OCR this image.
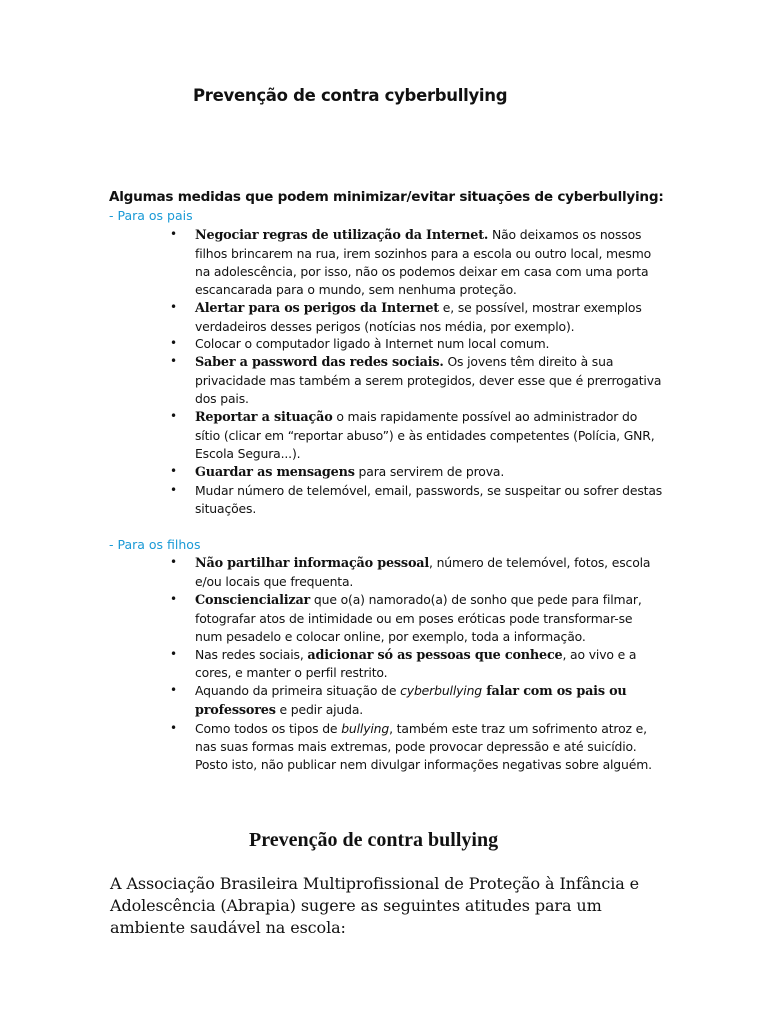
Prevenção de contra cyberbullying
Algumas medidas que podem minimizar/evitar situações de cyberbullying:
- Para os pais
• Negociar regras de utilização da Internet. Não deixamos os nossos filhos brincarem na rua, irem sozinhos para a escola ou outro local, mesmo na adolescência, por isso, não os podemos deixar em casa com uma porta escancarada para o mundo, sem nenhuma proteção.
• Alertar para os perigos da Internet e, se possível, mostrar exemplos verdadeiros desses perigos (notícias nos média, por exemplo).
• Colocar o computador ligado à Internet num local comum.
• Saber a password das redes sociais. Os jovens têm direito à sua privacidade mas também a serem protegidos, dever esse que é prerrogativa dos pais.
• Reportar a situação o mais rapidamente possível ao administrador do sítio (clicar em “reportar abuso”) e às entidades competentes (Polícia, GNR, Escola Segura...).
• Guardar as mensagens para servirem de prova.
• Mudar número de telemóvel, email, passwords, se suspeitar ou sofrer destas situações.
- Para os filhos
• Não partilhar informação pessoal, número de telemóvel, fotos, escola e/ou locais que frequenta.
• Consciencializar que o(a) namorado(a) de sonho que pede para filmar, fotografar atos de intimidade ou em poses eróticas pode transformar-se num pesadelo e colocar online, por exemplo, toda a informação.
• Nas redes sociais, adicionar só as pessoas que conhece, ao vivo e a cores, e manter o perfil restrito.
• Aquando da primeira situação de cyberbullying falar com os pais ou professores e pedir ajuda.
• Como todos os tipos de bullying, também este traz um sofrimento atroz e, nas suas formas mais extremas, pode provocar depressão e até suicídio. Posto isto, não publicar nem divulgar informações negativas sobre alguém.
Prevenção de contra bullying
A Associação Brasileira Multiprofissional de Proteção à Infância e Adolescência (Abrapia) sugere as seguintes atitudes para um ambiente saudável na escola:
